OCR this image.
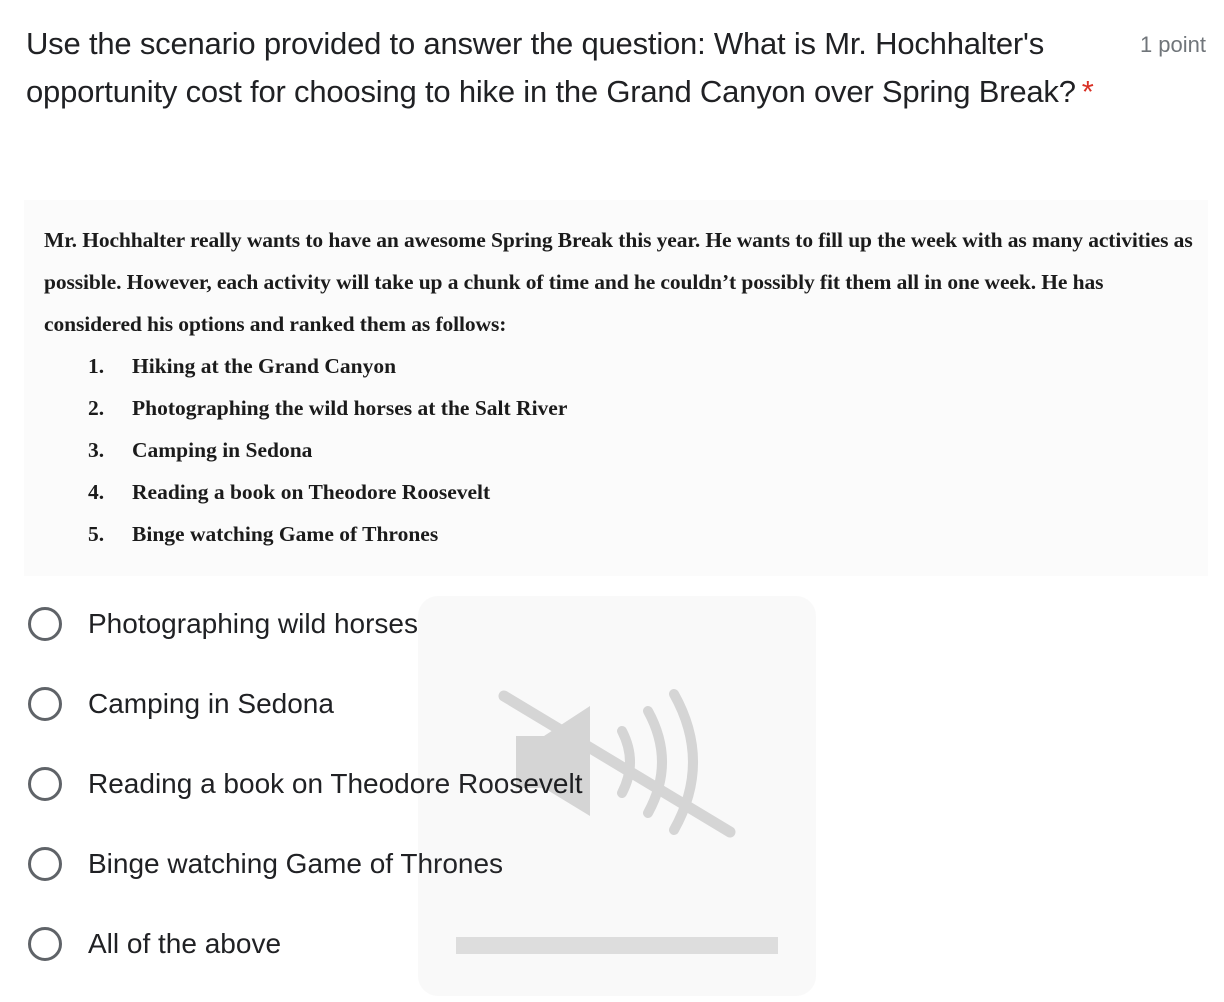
Use the scenario provided to answer the question: What is Mr. Hochhalter's opportunity cost for choosing to hike in the Grand Canyon over Spring Break? *
1 point
Mr. Hochhalter really wants to have an awesome Spring Break this year. He wants to fill up the week with as many activities as possible. However, each activity will take up a chunk of time and he couldn’t possibly fit them all in one week. He has considered his options and ranked them as follows:
1.	Hiking at the Grand Canyon
2.	Photographing the wild horses at the Salt River
3.	Camping in Sedona
4.	Reading a book on Theodore Roosevelt
5.	Binge watching Game of Thrones
Photographing wild horses
Camping in Sedona
Reading a book on Theodore Roosevelt
Binge watching Game of Thrones
All of the above
